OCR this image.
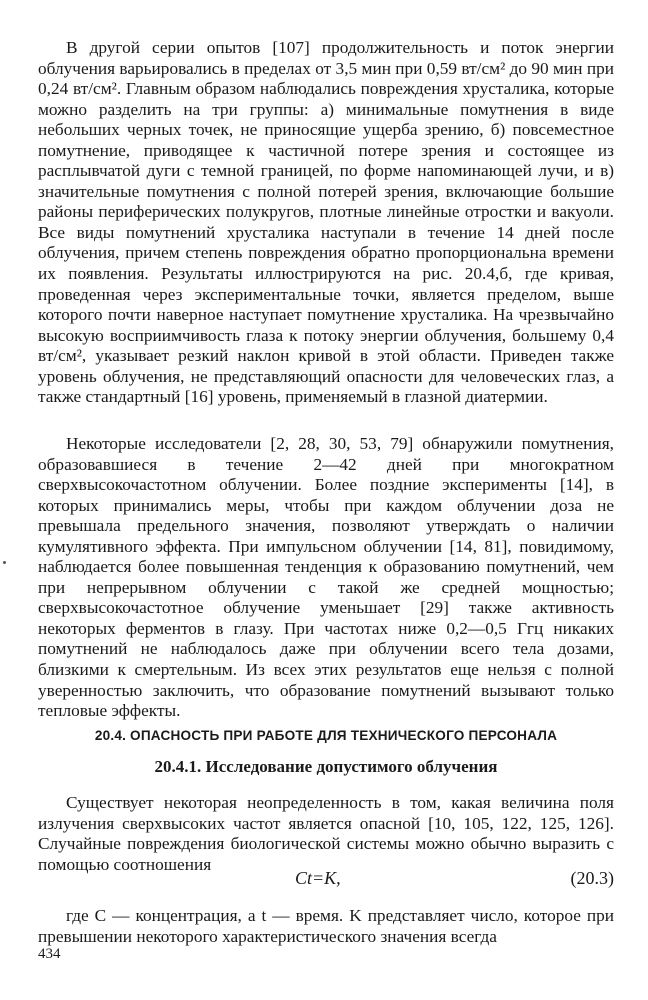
В другой серии опытов [107] продолжительность и поток энергии облучения варьировались в пределах от 3,5 мин при 0,59 вт/см² до 90 мин при 0,24 вт/см². Главным образом наблюдались повреждения хрусталика, которые можно разделить на три группы: а) минимальные помутнения в виде небольших черных точек, не приносящие ущерба зрению, б) повсеместное помутнение, приводящее к частичной потере зрения и состоящее из расплывчатой дуги с темной границей, по форме напоминающей лучи, и в) значительные помутнения с полной потерей зрения, включающие большие районы периферических полукругов, плотные линейные отростки и вакуоли. Все виды помутнений хрусталика наступали в течение 14 дней после облучения, причем степень повреждения обратно пропорциональна времени их появления. Результаты иллюстрируются на рис. 20.4,б, где кривая, проведенная через экспериментальные точки, является пределом, выше которого почти наверное наступает помутнение хрусталика. На чрезвычайно высокую восприимчивость глаза к потоку энергии облучения, большему 0,4 вт/см², указывает резкий наклон кривой в этой области. Приведен также уровень облучения, не представляющий опасности для человеческих глаз, а также стандартный [16] уровень, применяемый в глазной диатермии.

Некоторые исследователи [2, 28, 30, 53, 79] обнаружили помутнения, образовавшиеся в течение 2—42 дней при многократном сверхвысокочастотном облучении. Более поздние эксперименты [14], в которых принимались меры, чтобы при каждом облучении доза не превышала предельного значения, позволяют утверждать о наличии кумулятивного эффекта. При импульсном облучении [14, 81], повидимому, наблюдается более повышенная тенденция к образованию помутнений, чем при непрерывном облучении с такой же средней мощностью; сверхвысокочастотное облучение уменьшает [29] также активность некоторых ферментов в глазу. При частотах ниже 0,2—0,5 Ггц никаких помутнений не наблюдалось даже при облучении всего тела дозами, близкими к смертельным. Из всех этих результатов еще нельзя с полной уверенностью заключить, что образование помутнений вызывают только тепловые эффекты.

20.4. ОПАСНОСТЬ ПРИ РАБОТЕ ДЛЯ ТЕХНИЧЕСКОГО ПЕРСОНАЛА
20.4.1. Исследование допустимого облучения

Существует некоторая неопределенность в том, какая величина поля излучения сверхвысоких частот является опасной [10, 105, 122, 125, 126]. Случайные повреждения биологической системы можно обычно выразить с помощью соотношения

Ct=K,	(20.3)

где C — концентрация, а t — время. K представляет число, которое при превышении некоторого характеристического значения всегда

434
